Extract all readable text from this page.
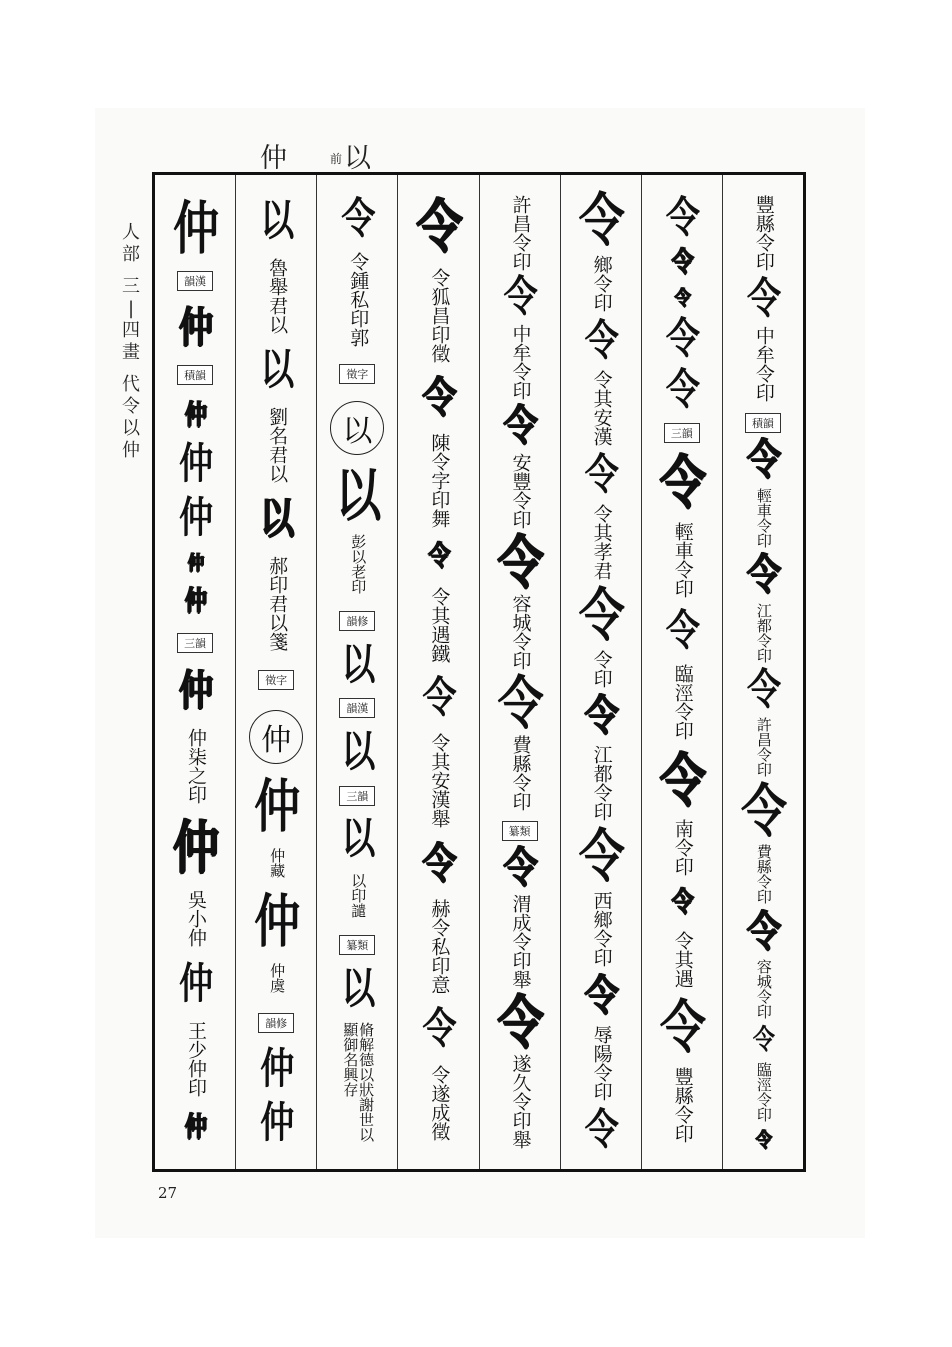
仲	前 以
人
部

三
|
四
畫

代
令
以
仲
仲
韻漢
仲
積韻
仲
仲
仲
仲
仲
三韻
仲
仲柒之印
仲
吳小仲
仲
王少仲印
仲
以
魯舉君以
以
劉名君以
以
郝印君以箋
徵字
仲
仲
仲藏
仲
仲虞
韻修
仲
仲
令
令鍾私印郭
徵字
以
以
彭以老印
韻修
以
韻漢
以
三韻
以
以印譴
纂類
以
脩解德以狀謝世以顯御名興存
令
令狐昌印徵
令
陳令字印舞
令
令其遇鐵
令
令其安漢舉
令
赫令私印意
令
令遂成徵
許昌令印
令
中牟令印
令
安豐令印
令
容城令印
令
費縣令印
纂類
令
渭成令印舉
令
遂久令印舉
令
鄉令印
令
令其安漢
令
令其孝君
令
令印
令
江都令印
令
西鄉令印
令
辱陽令印
令
令
令
令
令
令
三韻
令
輕車令印
令
臨涇令印
令
南令印
令
令其遇
令
豐縣令印
豐縣令印
令
中牟令印
積韻
令
輕車令印
令
江都令印
令
許昌令印
令
費縣令印
令
容城令印
令
臨涇令印
令
27
